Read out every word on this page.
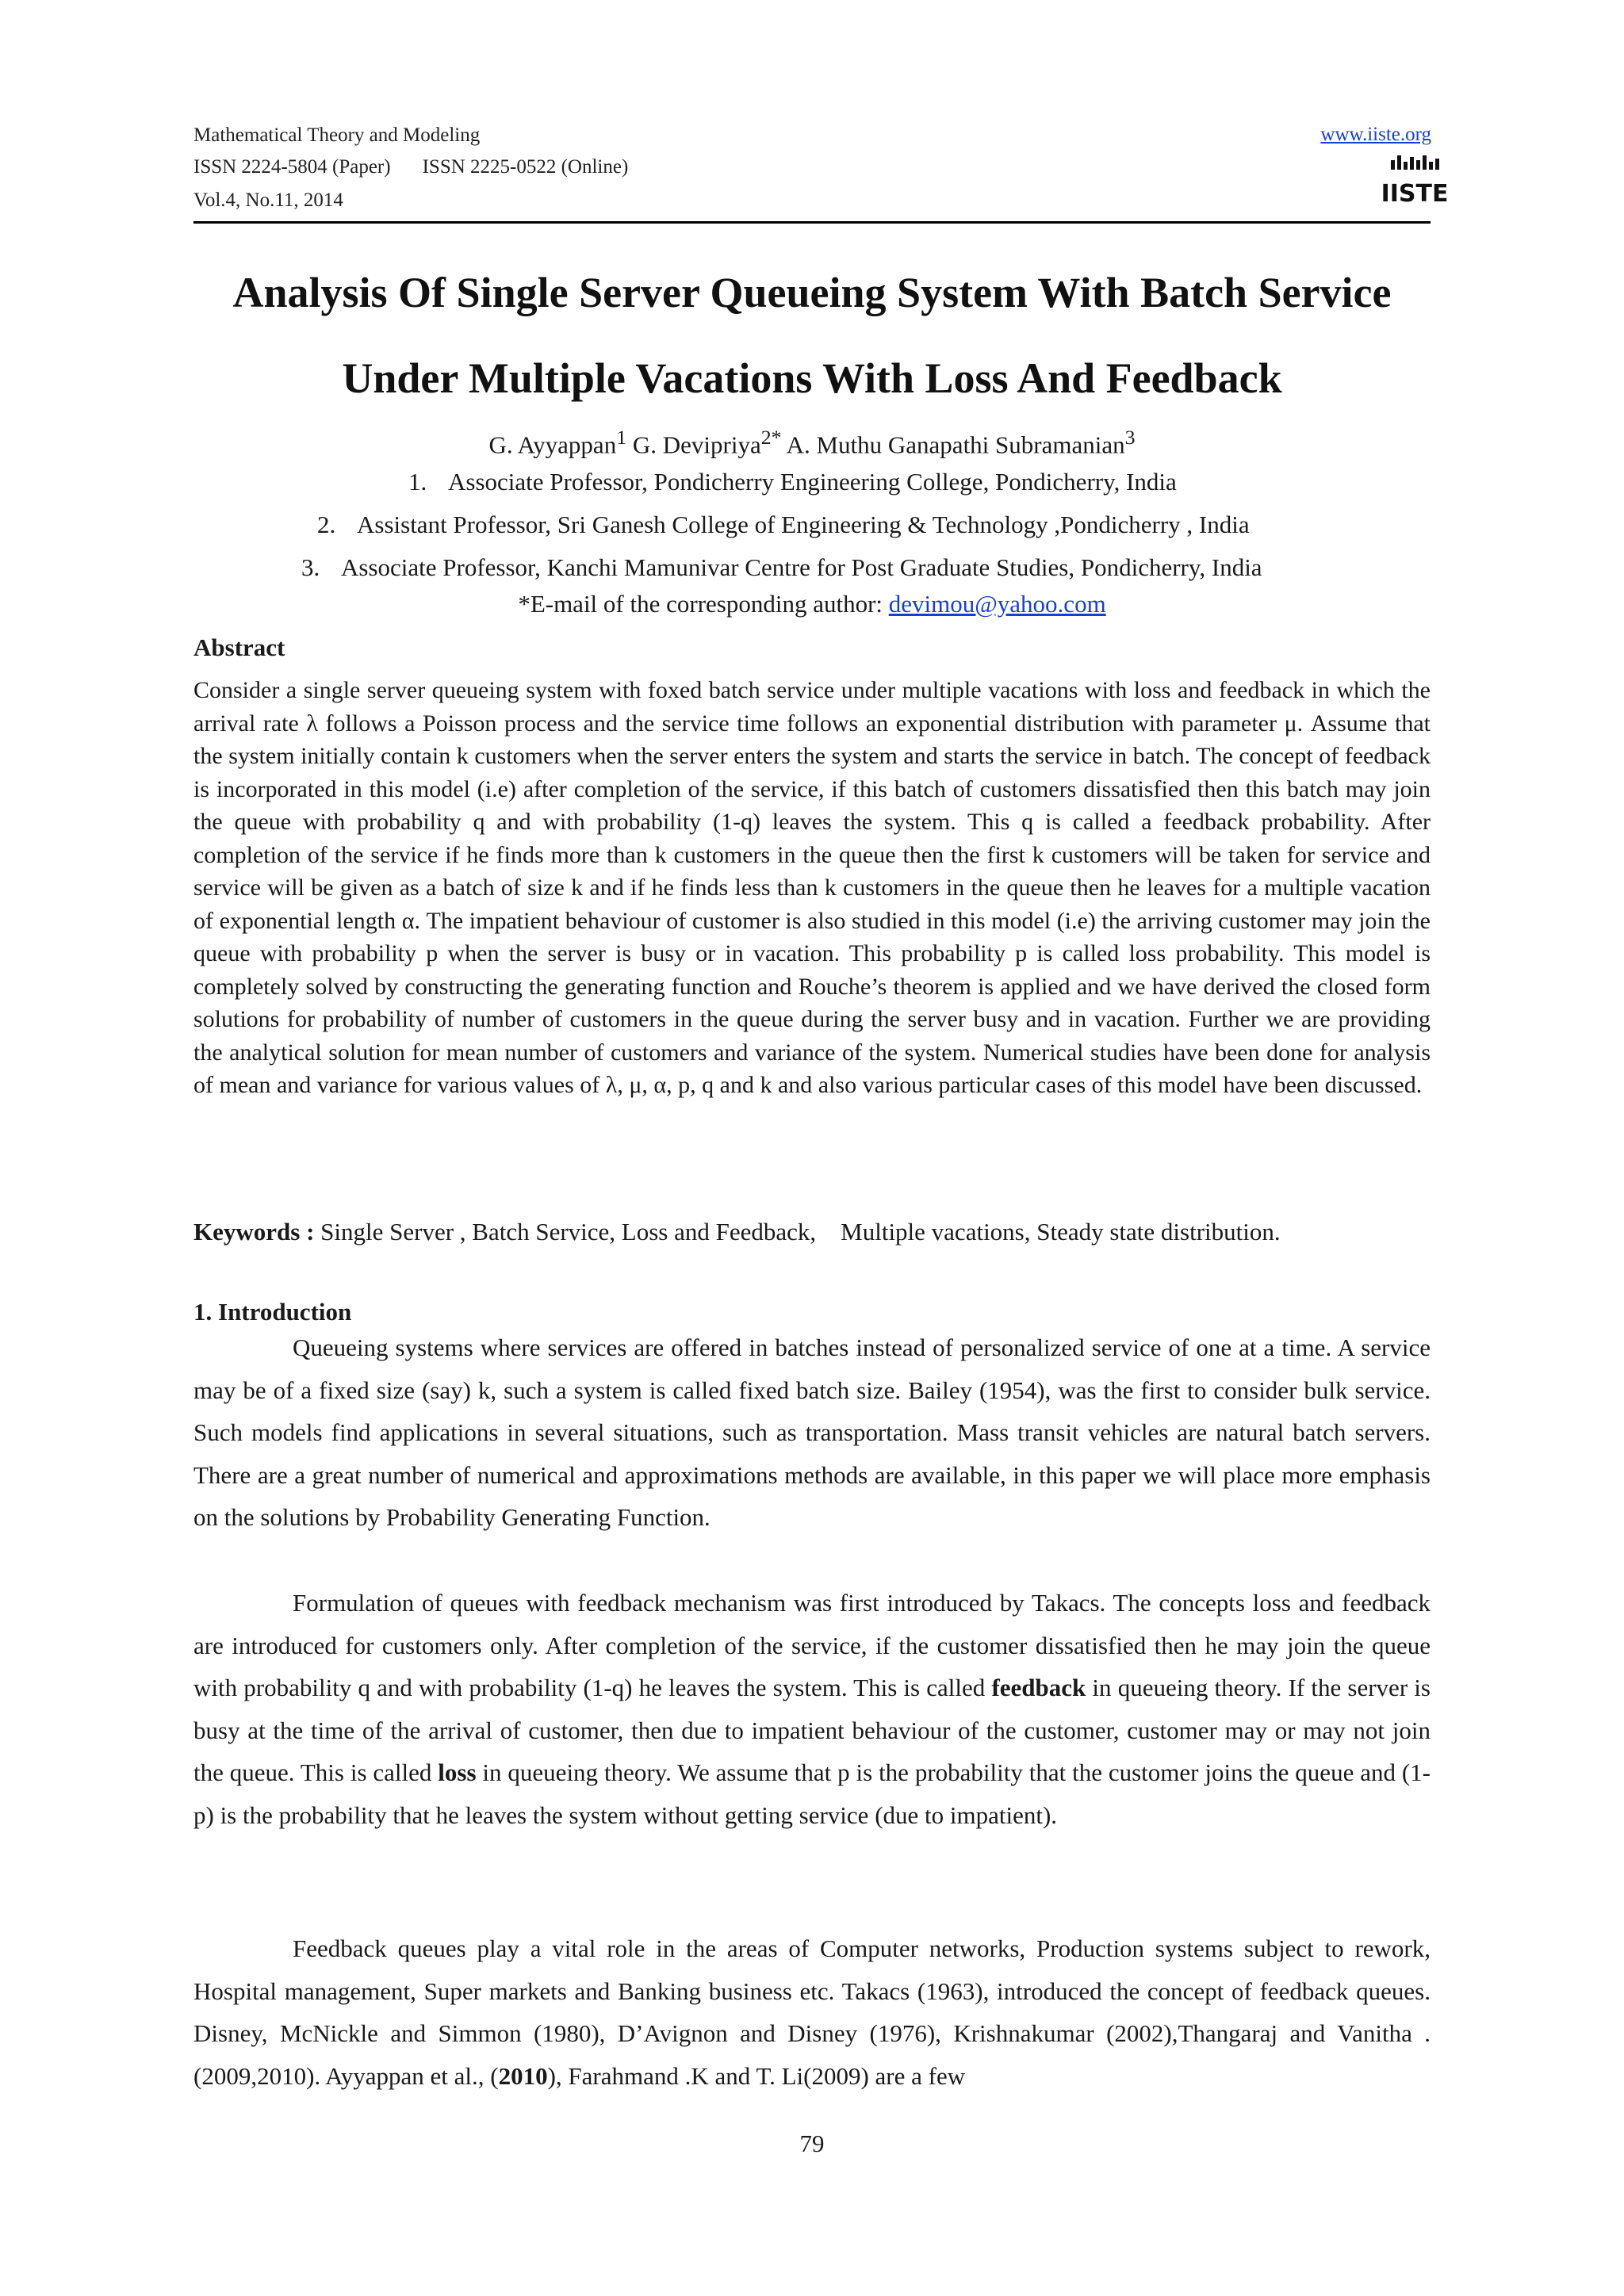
Mathematical Theory and Modeling
ISSN 2224-5804 (Paper) ISSN 2225-0522 (Online)
Vol.4, No.11, 2014
www.iiste.org
IISTE
Analysis Of Single Server Queueing System With Batch Service
Under Multiple Vacations With Loss And Feedback
G. Ayyappan$^1$ G. Devipriya$^{2*}$ A. Muthu Ganapathi Subramanian$^3$
1. Associate Professor, Pondicherry Engineering College, Pondicherry, India
2. Assistant Professor, Sri Ganesh College of Engineering & Technology ,Pondicherry , India
3. Associate Professor, Kanchi Mamunivar Centre for Post Graduate Studies, Pondicherry, India
*E-mail of the corresponding author: devimou@yahoo.com
Abstract
Consider a single server queueing system with foxed batch service under multiple vacations with loss and feedback in which the arrival rate λ follows a Poisson process and the service time follows an exponential distribution with parameter μ. Assume that the system initially contain k customers when the server enters the system and starts the service in batch. The concept of feedback is incorporated in this model (i.e) after completion of the service, if this batch of customers dissatisfied then this batch may join the queue with probability q and with probability (1-q) leaves the system. This q is called a feedback probability. After completion of the service if he finds more than k customers in the queue then the first k customers will be taken for service and service will be given as a batch of size k and if he finds less than k customers in the queue then he leaves for a multiple vacation of exponential length α. The impatient behaviour of customer is also studied in this model (i.e) the arriving customer may join the queue with probability p when the server is busy or in vacation. This probability p is called loss probability. This model is completely solved by constructing the generating function and Rouche’s theorem is applied and we have derived the closed form solutions for probability of number of customers in the queue during the server busy and in vacation. Further we are providing the analytical solution for mean number of customers and variance of the system. Numerical studies have been done for analysis of mean and variance for various values of λ, μ, α, p, q and k and also various particular cases of this model have been discussed.
Keywords : Single Server , Batch Service, Loss and Feedback,    Multiple vacations, Steady state distribution.
1. Introduction
Queueing systems where services are offered in batches instead of personalized service of one at a time. A service may be of a fixed size (say) k, such a system is called fixed batch size. Bailey (1954), was the first to consider bulk service. Such models find applications in several situations, such as transportation. Mass transit vehicles are natural batch servers. There are a great number of numerical and approximations methods are available, in this paper we will place more emphasis on the solutions by Probability Generating Function.
Formulation of queues with feedback mechanism was first introduced by Takacs. The concepts loss and feedback are introduced for customers only. After completion of the service, if the customer dissatisfied then he may join the queue with probability q and with probability (1-q) he leaves the system. This is called feedback in queueing theory. If the server is busy at the time of the arrival of customer, then due to impatient behaviour of the customer, customer may or may not join the queue. This is called loss in queueing theory. We assume that p is the probability that the customer joins the queue and (1-p) is the probability that he leaves the system without getting service (due to impatient).
Feedback queues play a vital role in the areas of Computer networks, Production systems subject to rework, Hospital management, Super markets and Banking business etc. Takacs (1963), introduced the concept of feedback queues. Disney, McNickle and Simmon (1980), D’Avignon and Disney (1976), Krishnakumar (2002),Thangaraj and Vanitha . (2009,2010). Ayyappan et al., (2010), Farahmand .K and T. Li(2009) are a few
79
